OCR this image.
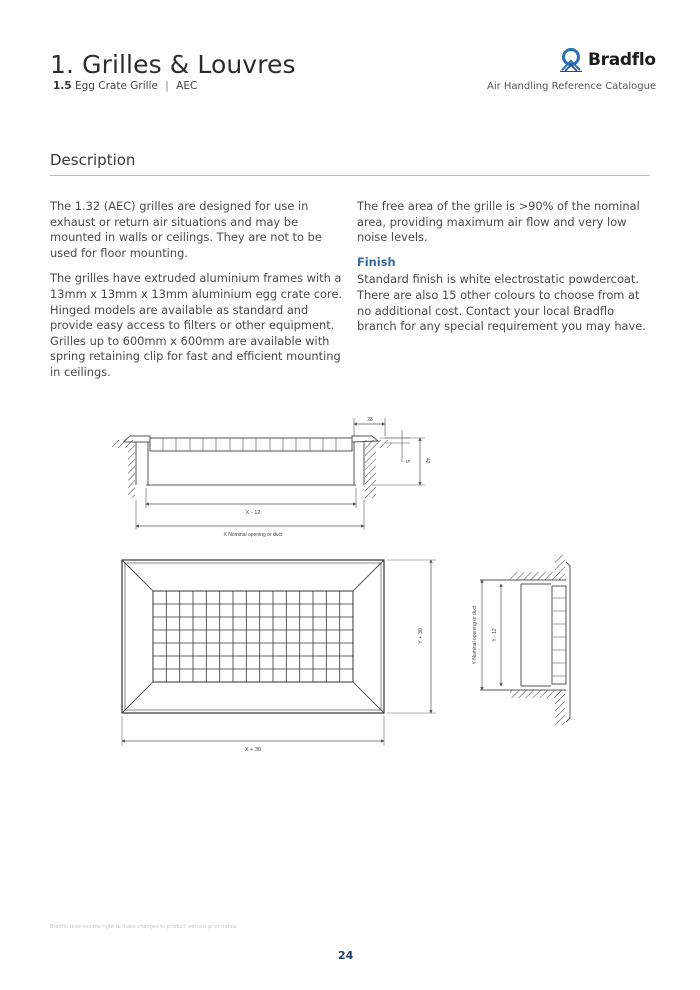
1. Grilles & Louvres
1.5 Egg Crate Grille | AEC
Bradflo
Air Handling Reference Catalogue
Description

The 1.32 (AEC) grilles are designed for use in exhaust or return air situations and may be mounted in walls or ceilings. They are not to be used for floor mounting.

The grilles have extruded aluminium frames with a 13mm x 13mm x 13mm aluminium egg crate core. Hinged models are available as standard and provide easy access to filters or other equipment. Grilles up to 600mm x 600mm are available with spring retaining clip for fast and efficient mounting in ceilings.

The free area of the grille is >90% of the nominal area, providing maximum air flow and very low noise levels.

Finish

Standard finish is white electrostatic powdercoat. There are also 15 other colours to choose from at no additional cost. Contact your local Bradflo branch for any special requirement you may have.

X - 12
X Nominal opening or duct
28
5	42
X + 30
Y + 30	Y Nominal opening or duct	Y - 12
Bradflo reserves the right to make changes to product without prior notice
24
